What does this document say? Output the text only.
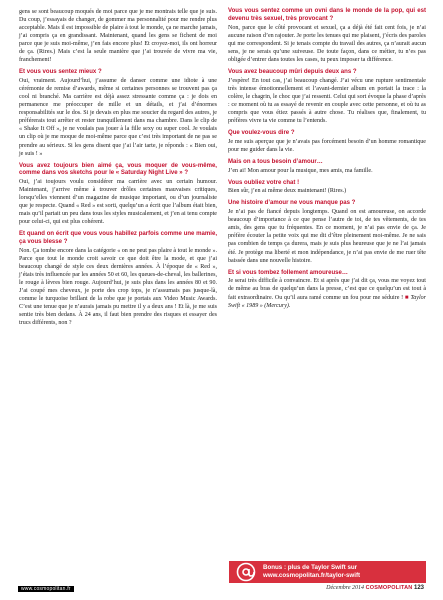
gens se sont beaucoup moqués de moi parce que je me montrais telle que je suis. Du coup, j’essayais de changer, de gommer ma personnalité pour me rendre plus acceptable. Mais il est impossible de plaire à tout le monde, ça ne marche jamais, j’ai compris ça en grandissant. Maintenant, quand les gens se fichent de moi parce que je suis moi-même, j’en fais encore plus! Et croyez-moi, ils ont horreur de ça. (Rires.) Mais c’est la seule manière que j’ai trouvée de vivre ma vie, franchement!

Et vous vous sentez mieux ?

Oui, vraiment. Aujourd’hui, j’assume de danser comme une idiote à une cérémonie de remise d’awards, même si certaines personnes se trouvent pas ça cool ni branché. Ma carrière est déjà assez stressante comme ça : je dois en permanence me préoccuper de mille et un détails, et j’ai d’énormes responsabilités sur le dos. Si je devais en plus me soucier du regard des autres, je préférerais tout arrêter et rester tranquillement dans ma chambre. Dans le clip de « Shake It Off », je ne voulais pas jouer à la fille sexy ou super cool. Je voulais un clip où je me moque de moi-même parce que c’est très important de ne pas se prendre au sérieux. Si les gens disent que j’ai l’air tarte, je réponds : « Bien oui, je suis ! »

Vous avez toujours bien aimé ça, vous moquer de vous-même, comme dans vos sketchs pour le « Saturday Night Live » ?

Oui, j’ai toujours voulu considérer ma carrière avec un certain humour. Maintenant, j’arrive même à trouver drôles certaines mauvaises critiques, lorsqu’elles viennent d’un magazine de musique important, ou d’un journaliste que je respecte. Quand « Red » est sorti, quelqu’un a écrit que l’album était bien, mais qu’il partait un peu dans tous les styles musicalement, et j’en ai tenu compte pour celui-ci, qui est plus cohérent.

Et quand on écrit que vous vous habillez parfois comme une mamie, ça vous blesse ?

Non. Ça tombe encore dans la catégorie « on ne peut pas plaire à tout le monde ». Parce que tout le monde croit savoir ce que doit être la mode, et que j’ai beaucoup changé de style ces deux dernières années. À l’époque de « Red », j’étais très influencée par les années 50 et 60, les queues-de-cheval, les ballerines, le rouge à lèvres bien rouge. Aujourd’hui, je suis plus dans les années 80 et 90. J’ai coupé mes cheveux, je porte des crop tops, je n’assumais pas jusque-là, comme le turquoise brillant de la robe que je portais aux Video Music Awards. C’est une tenue que je n’aurais jamais pu mettre il y a deux ans ! Et là, je me suis sentie très bien dedans. À 24 ans, il faut bien prendre des risques et essayer des trucs différents, non ?

Vous vous sentez comme un ovni dans le monde de la pop, qui est devenu très sexuel, très provocant ?

Non, parce que le côté provocant et sexuel, ça a déjà été fait cent fois, je n’ai aucune raison d’en rajouter. Je porte les tenues qui me plaisent, j’écris des paroles qui me correspondent. Si je tenais compte du travail des autres, ça n’aurait aucun sens, je ne serais qu’une suiveuse. De toute façon, dans ce métier, tu n’es pas obligée d’entrer dans toutes les cases, tu peux imposer ta différence.

Vous avez beaucoup mûri depuis deux ans ?

J’espère! En tout cas, j’ai beaucoup changé. J’ai vécu une rupture sentimentale très intense émotionnellement et l’avant-dernier album en portait la trace : la colère, le chagrin, le choc que j’ai ressenti. Celui qui sort évoque la phase d’après : ce moment où tu as essayé de revenir en couple avec cette personne, et où tu as compris que vous étiez passés à autre chose. Tu réalises que, finalement, tu préfères vivre ta vie comme tu l’entends.

Que voulez-vous dire ?

Je me suis aperçue que je n’avais pas forcément besoin d’un homme romantique pour me guider dans la vie.

Mais on a tous besoin d’amour…

J’en ai! Mon amour pour la musique, mes amis, ma famille.

Vous oubliez votre chat !

Bien sûr, j’en ai même deux maintenant! (Rires.)

Une histoire d’amour ne vous manque pas ?

Je n’ai pas de fiancé depuis longtemps. Quand on est amoureuse, on accorde beaucoup d’importance à ce que pense l’autre de toi, de tes vêtements, de tes amis, des gens que tu fréquentes. En ce moment, je n’ai pas envie de ça. Je préfère écouter la petite voix qui me dit d’être pleinement moi-même. Je ne sais pas combien de temps ça durera, mais je suis plus heureuse que je ne l’ai jamais été. Je protège ma liberté et mon indépendance, je n’ai pas envie de me ruer tête baissée dans une nouvelle histoire.

Et si vous tombez follement amoureuse…

Je serai très difficile à convaincre. Et si après que j’ai dit ça, vous me voyez tout de même au bras de quelqu’un dans la presse, c’est que ce quelqu’un est tout à fait extraordinaire. Ou qu’il aura ramé comme un fou pour me séduire ! ■ Taylor Swift « 1989 » (Mercury).

Bonus : plus de Taylor Swift sur
www.cosmopolitan.fr/taylor-swift
www.cosmopolitan.fr	Décembre 2014 COSMOPOLITAN 123
